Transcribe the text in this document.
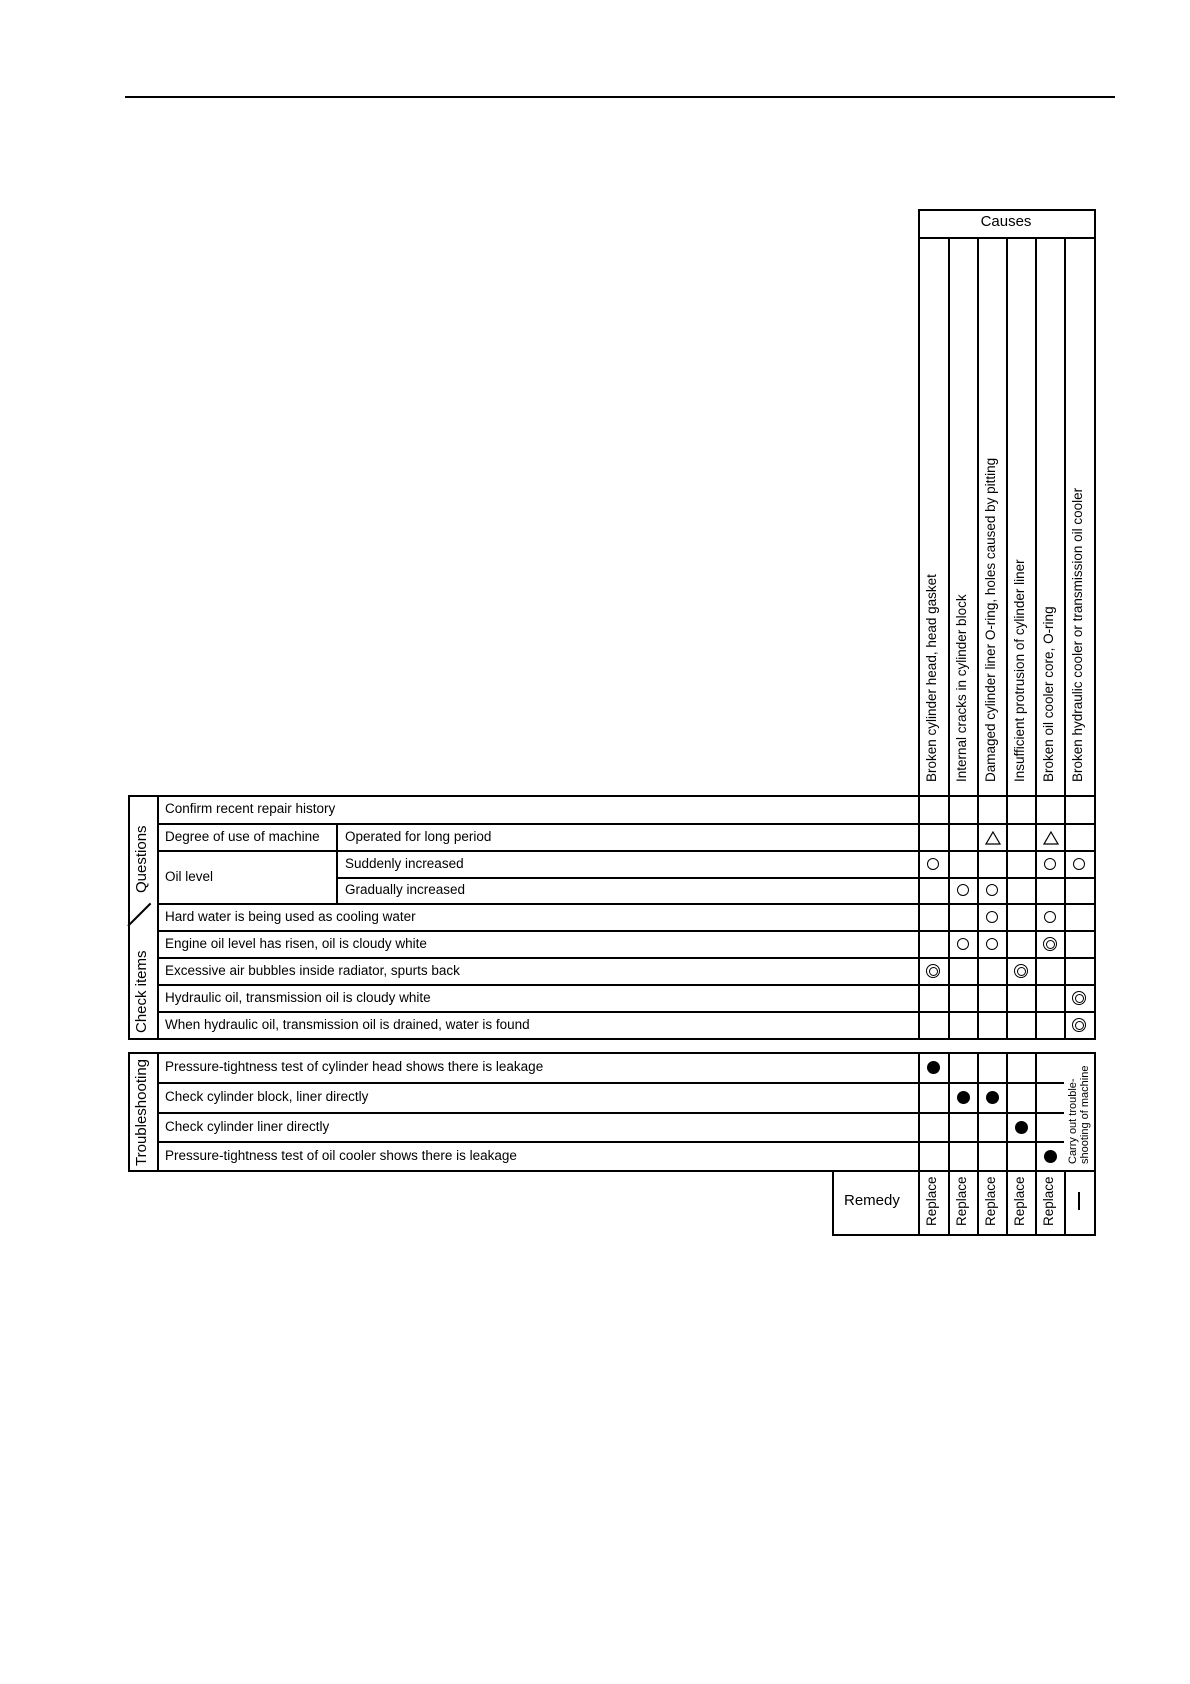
Causes
Broken cylinder head, head gasket Internal cracks in cylinder block Damaged cylinder liner O-ring, holes caused by pitting Insufficient protrusion of cylinder liner Broken oil cooler core, O-ring Broken hydraulic cooler or transmission oil cooler
Questions
Check items
Confirm recent repair history
Degree of use of machine Operated for long period
Oil level
Suddenly increased
Gradually increased
Hard water is being used as cooling water
Engine oil level has risen, oil is cloudy white
Excessive air bubbles inside radiator, spurts back
Hydraulic oil, transmission oil is cloudy white
When hydraulic oil, transmission oil is drained, water is found
Troubleshooting Pressure-tightness test of cylinder head shows there is leakage
Check cylinder block, liner directly
Check cylinder liner directly
Pressure-tightness test of oil cooler shows there is leakage	Carry out trouble-
shooting of machine
Remedy Replace Replace Replace Replace Replace
